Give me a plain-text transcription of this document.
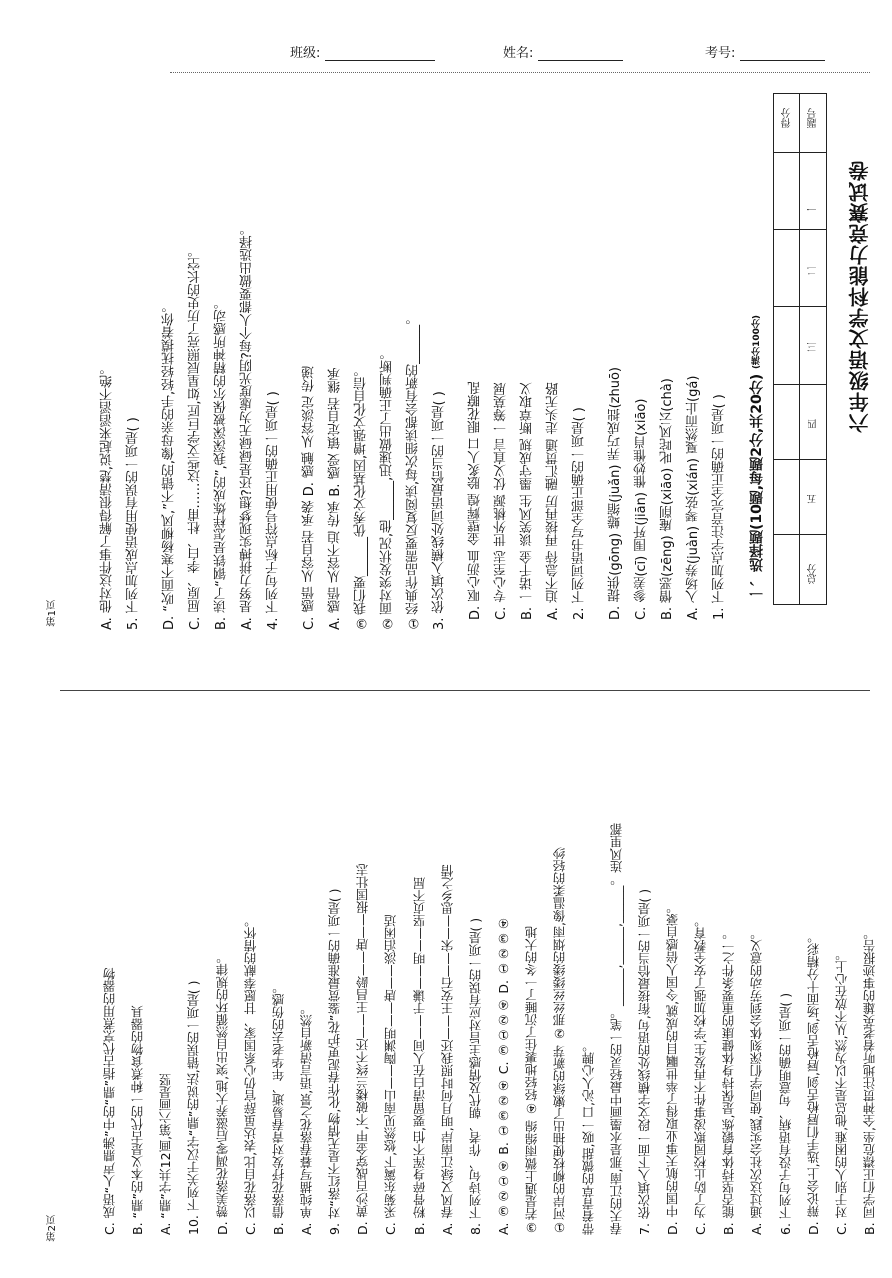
班级:	姓名:	考号:
六年级语文学科能力竞赛试卷
题号
得分
一
二
三
四
五
总分
一、选择题(10题,每题2分,共20分) (满分100分)
1. 下列加点字注音完全正确的一项是( )
A. 入场券(juàn) 琴弦(xián) 戛然而止(gá)
B. 憎恶(zēng) 庵削(xiāo) 叱咤风云(chà)
C. 参差(cī) 围歼(jiān) 惟妙惟肖(xiāo)
D. 提供(gōng) 蜷缩(juǎn) 弄巧成拙(zhuō)
2. 下列词语书写全部正确的一项是( )
A. 迫不急待 再接再厉 融汇贯通 走头无路
B. 一诺千金 谈笑风生 墨守成规 断章取义
C. 专心至志 世外桃源 仗义直言 一筹莫展
D. 呕心沥血 金壁辉煌 脍炙人口 眼花瞭乱
3. 依次填入横线处词语最恰当的一项是( )
①经典作品需要反复阅读,每次细读都会有新的______。
②面对突发状况,他______,迅速做出了正确判断。
③我们要______优秀文化基因,增强文化自信。
A. 感悟 从容不迫 传承 B. 感受 镇定自若 继承
C. 感悟 从容自若 承袭 D. 感触 从容淡定 传递
4. 下列句子标点符号使用正确的一项是( )
A. 是努力拼搏实现梦想?还是碌碌无为虚度光阴?每个人都要做出选择。
B. 读了“钢铁是怎样炼成的”,我深深被保尔的精神所感动。
C. 屈原、李白、杜甫……这些文学巨匠,如星辰照亮了历史的长空。
D. “吹面不寒杨柳风,”不错的,像母亲的手,轻轻抚摸着你。
5. 下列加点成语使用有误的一项是( )
A. 他对这件事了解得很清楚,说起来滔滔不绝。
第1页
B. 同学们正襟危坐,全神贯注地听着老英雄的事迹报告。
C. 对于别人的困难,他总是不以为然,从不放在心上。
D. 辩论会上,选手们唇枪舌剑,唇枪舌剑,场面十分精彩。
6. 下列句子没有语病、句意明确的一项是( )
A. 通过这次社会实践,使同学们深刻体会到劳动的意义。
B. 能否坚持体育锻炼,是保持身体健康的重要条件之一。
C. 为了防止校园欺凌事件不再发生,学校加强了安全教育。
D. 中国的航天事业取得了举世瞩目的成就,令国人倍感自豪。
7. 依次填入下面一段文字横线处的语句,衔接最恰当的一项是( )
春天的江南,那是水墨画中最轻灵的一笔。______,______,______。连风里都
带着青草的微甜,吸一口,沁人心脾。
①河岸的柳枝便抽出了嫩绿的新芽 ②那丝丝缕缕的烟雨,像温柔的轻纱
③若是遇上微雨绵绵 ④轻轻地裹住了沉睡了一冬的大地
A. ③②①④ B. ①③②④ C. ③①②④ D. ①②③④
8. 下列诗句、作者、朝代及情感主旨对应有误的一项是( )
A. 春风又绿江南岸,明月何时照我还——王安石——宋——思乡之情
B. 粉骨碎身浑不怕,要留清白在人间——于谦——明——坚贞不屈
C. 采菊东篱下,悠然见南山——陶渊明——唐——淡泊闲适
D. 黄沙百战穿金甲,不破楼兰终不还——王昌龄——唐——报国壮志
9. 对“落红不是无情物,化作春泥更护花”鉴赏最准确的一项是( )
A. 单纯描写暮春落花之景,语言清新自然。
B. 借落花抒发对青春易逝、年华老去的伤感。
C. 以落花自比,表达虽辞官仍心系国家、甘愿奉献的情怀。
D. 赞美落花凋零后滋养大地,突出自然循环的规律。
10. 下列关于汉字“鼎”的说法,错误的一项是( )
A. “鼎”字共12画,第六画是竖
B. “鼎”的本义是古代的一种煮食物的器具
C. 成语“人声鼎沸”中的“鼎”指古代烹煮用的器物
第2页
